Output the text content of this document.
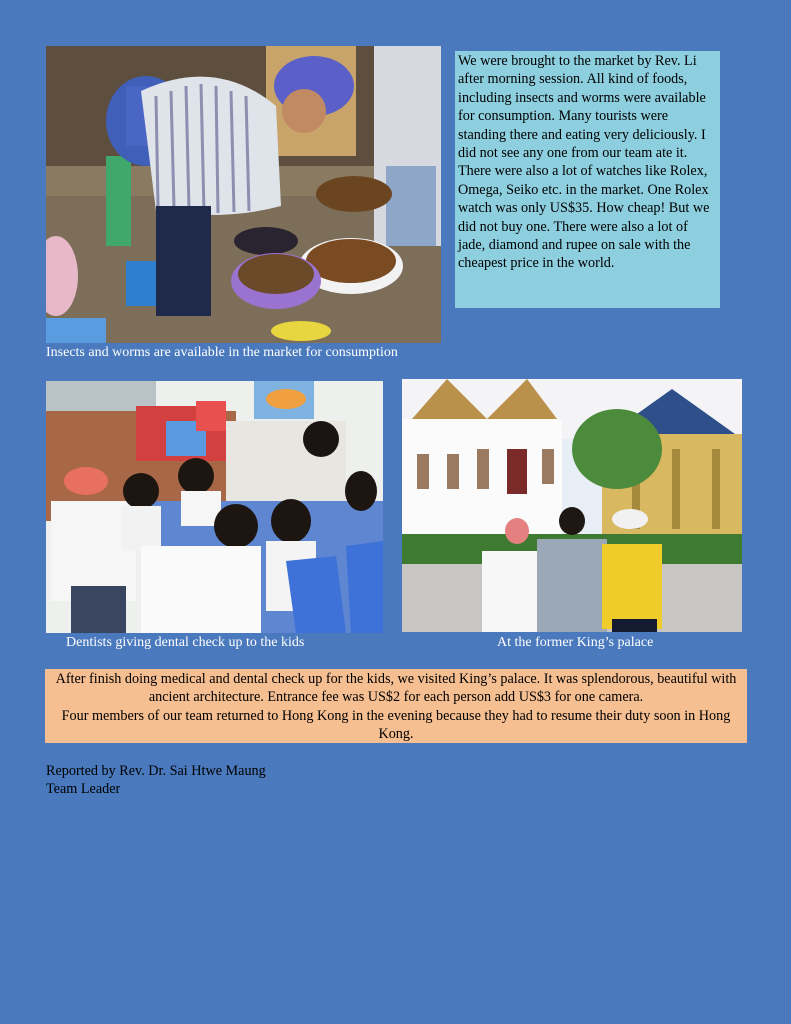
Insects and worms are available in the market for consumption
We were brought to the market by Rev. Li after morning session. All kind of foods, including insects and worms were available for consumption. Many tourists were standing there and eating very deliciously. I did not see any one from our team ate it.
There were also a lot of watches like Rolex, Omega, Seiko etc. in the market. One Rolex watch was only US$35. How cheap! But we did not buy one. There were also a lot of jade, diamond and rupee on sale with the cheapest price in the world.
Dentists giving dental check up to the kids	At the former King’s palace
After finish doing medical and dental check up for the kids, we visited King’s palace. It was splendorous, beautiful with ancient architecture. Entrance fee was US$2 for each person add US$3 for one camera.
Four members of our team returned to Hong Kong in the evening because they had to resume their duty soon in Hong Kong.
Reported by Rev. Dr. Sai Htwe Maung
Team Leader
